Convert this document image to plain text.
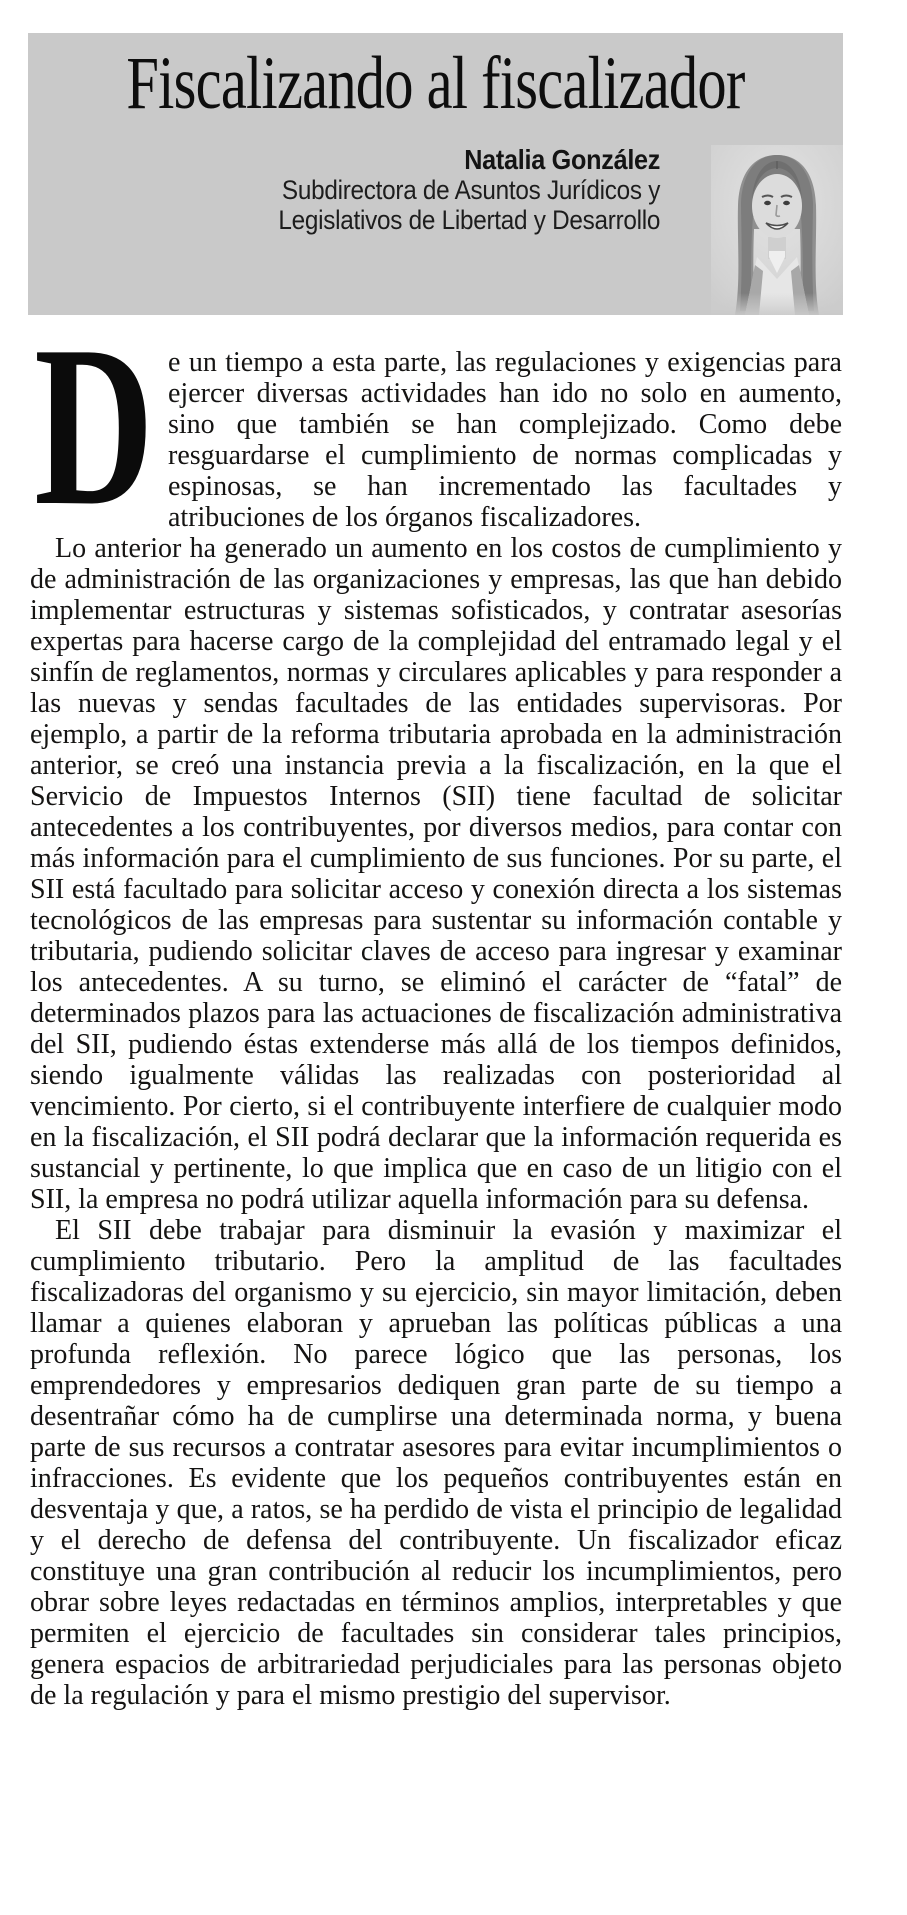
Fiscalizando al fiscalizador
Natalia González
Subdirectora de Asuntos Jurídicos y
Legislativos de Libertad y Desarrollo

D e un tiempo a esta parte, las regulaciones y exigencias para ejercer diversas actividades han ido no solo en aumento, sino que también se han complejizado. Como debe resguardarse el cumplimiento de normas complicadas y espinosas, se han incrementado las facultades y atribuciones de los órganos fiscalizadores.

Lo anterior ha generado un aumento en los costos de cumplimiento y de administración de las organizaciones y empresas, las que han debido implementar estructuras y sistemas sofisticados, y contratar asesorías expertas para hacerse cargo de la complejidad del entramado legal y el sinfín de reglamentos, normas y circulares aplicables y para responder a las nuevas y sendas facultades de las entidades supervisoras. Por ejemplo, a partir de la reforma tributaria aprobada en la administración anterior, se creó una instancia previa a la fiscalización, en la que el Servicio de Impuestos Internos (SII) tiene facultad de solicitar antecedentes a los contribuyentes, por diversos medios, para contar con más información para el cumplimiento de sus funciones. Por su parte, el SII está facultado para solicitar acceso y conexión directa a los sistemas tecnológicos de las empresas para sustentar su información contable y tributaria, pudiendo solicitar claves de acceso para ingresar y examinar los antecedentes. A su turno, se eliminó el carácter de “fatal” de determinados plazos para las actuaciones de fiscalización administrativa del SII, pudiendo éstas extenderse más allá de los tiempos definidos, siendo igualmente válidas las realizadas con posterioridad al vencimiento. Por cierto, si el contribuyente interfiere de cualquier modo en la fiscalización, el SII podrá declarar que la información requerida es sustancial y pertinente, lo que implica que en caso de un litigio con el SII, la empresa no podrá utilizar aquella información para su defensa.

El SII debe trabajar para disminuir la evasión y maximizar el cumplimiento tributario. Pero la amplitud de las facultades fiscalizadoras del organismo y su ejercicio, sin mayor limitación, deben llamar a quienes elaboran y aprueban las políticas públicas a una profunda reflexión. No parece lógico que las personas, los emprendedores y empresarios dediquen gran parte de su tiempo a desentrañar cómo ha de cumplirse una determinada norma, y buena parte de sus recursos a contratar asesores para evitar incumplimientos o infracciones. Es evidente que los pequeños contribuyentes están en desventaja y que, a ratos, se ha perdido de vista el principio de legalidad y el derecho de defensa del contribuyente. Un fiscalizador eficaz constituye una gran contribución al reducir los incumplimientos, pero obrar sobre leyes redactadas en términos amplios, interpretables y que permiten el ejercicio de facultades sin considerar tales principios, genera espacios de arbitrariedad perjudiciales para las personas objeto de la regulación y para el mismo prestigio del supervisor.
